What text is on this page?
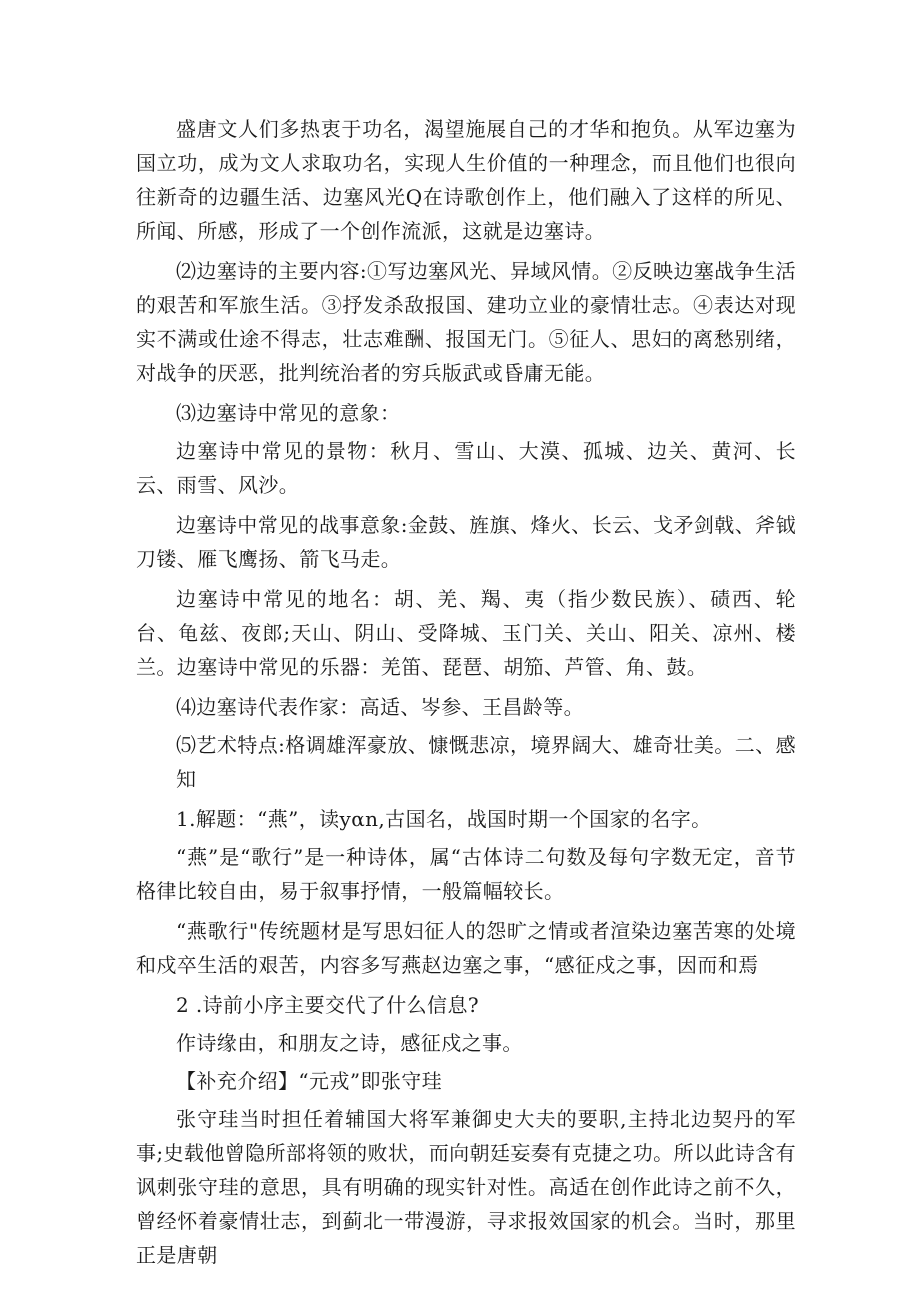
盛唐文人们多热衷于功名，渴望施展自己的才华和抱负。从军边塞为国立功，成为文人求取功名，实现人生价值的一种理念，而且他们也很向往新奇的边疆生活、边塞风光Q在诗歌创作上，他们融入了这样的所见、所闻、所感，形成了一个创作流派，这就是边塞诗。

⑵边塞诗的主要内容:①写边塞风光、异域风情。②反映边塞战争生活的艰苦和军旅生活。③抒发杀敌报国、建功立业的豪情壮志。④表达对现实不满或仕途不得志，壮志难酬、报国无门。⑤征人、思妇的离愁别绪，对战争的厌恶，批判统治者的穷兵版武或昏庸无能。

⑶边塞诗中常见的意象：

边塞诗中常见的景物：秋月、雪山、大漠、孤城、边关、黄河、长云、雨雪、风沙。

边塞诗中常见的战事意象:金鼓、旌旗、烽火、长云、戈矛剑戟、斧钺刀镂、雁飞鹰扬、箭飞马走。

边塞诗中常见的地名：胡、羌、羯、夷（指少数民族）、碛西、轮台、龟兹、夜郎;天山、阴山、受降城、玉门关、关山、阳关、凉州、楼兰。边塞诗中常见的乐器：羌笛、琵琶、胡笳、芦管、角、鼓。

⑷边塞诗代表作家：高适、岑参、王昌龄等。

⑸艺术特点:格调雄浑豪放、慷慨悲凉，境界阔大、雄奇壮美。二、感知

1.解题：“燕”，读yαn,古国名，战国时期一个国家的名字。

“燕”是“歌行”是一种诗体，属“古体诗二句数及每句字数无定，音节格律比较自由，易于叙事抒情，一般篇幅较长。

“燕歌行"传统题材是写思妇征人的怨旷之情或者渲染边塞苦寒的处境和戍卒生活的艰苦，内容多写燕赵边塞之事，“感征戍之事，因而和焉

2 .诗前小序主要交代了什么信息?

作诗缘由，和朋友之诗，感征戍之事。

【补充介绍】“元戎”即张守珪

张守珪当时担任着辅国大将军兼御史大夫的要职,主持北边契丹的军事;史载他曾隐所部将领的败状，而向朝廷妄奏有克捷之功。所以此诗含有讽刺张守珪的意思，具有明确的现实针对性。高适在创作此诗之前不久，曾经怀着豪情壮志，到蓟北一带漫游，寻求报效国家的机会。当时，那里正是唐朝
